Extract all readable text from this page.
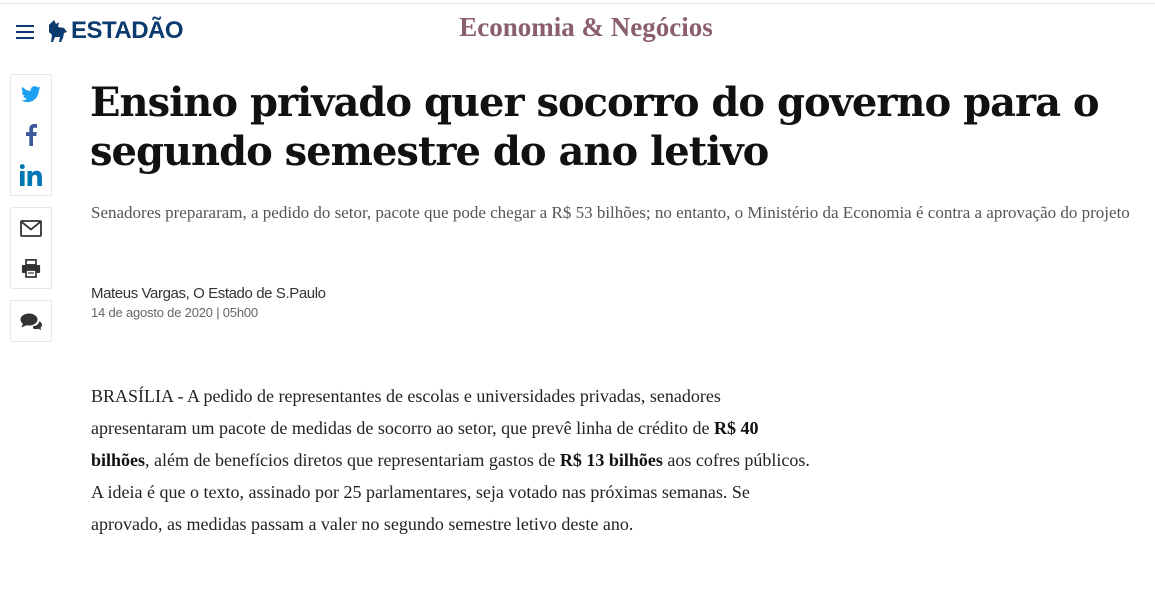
ESTADÃO	Economia & Negócios
Ensino privado quer socorro do governo para o segundo semestre do ano letivo

Senadores prepararam, a pedido do setor, pacote que pode chegar a R$ 53 bilhões; no entanto, o Ministério da Economia é contra a aprovação do projeto

Mateus Vargas, O Estado de S.Paulo
14 de agosto de 2020 | 05h00

BRASÍLIA - A pedido de representantes de escolas e universidades privadas, senadores apresentaram um pacote de medidas de socorro ao setor, que prevê linha de crédito de R$ 40 bilhões, além de benefícios diretos que representariam gastos de R$ 13 bilhões aos cofres públicos. A ideia é que o texto, assinado por 25 parlamentares, seja votado nas próximas semanas. Se aprovado, as medidas passam a valer no segundo semestre letivo deste ano.
